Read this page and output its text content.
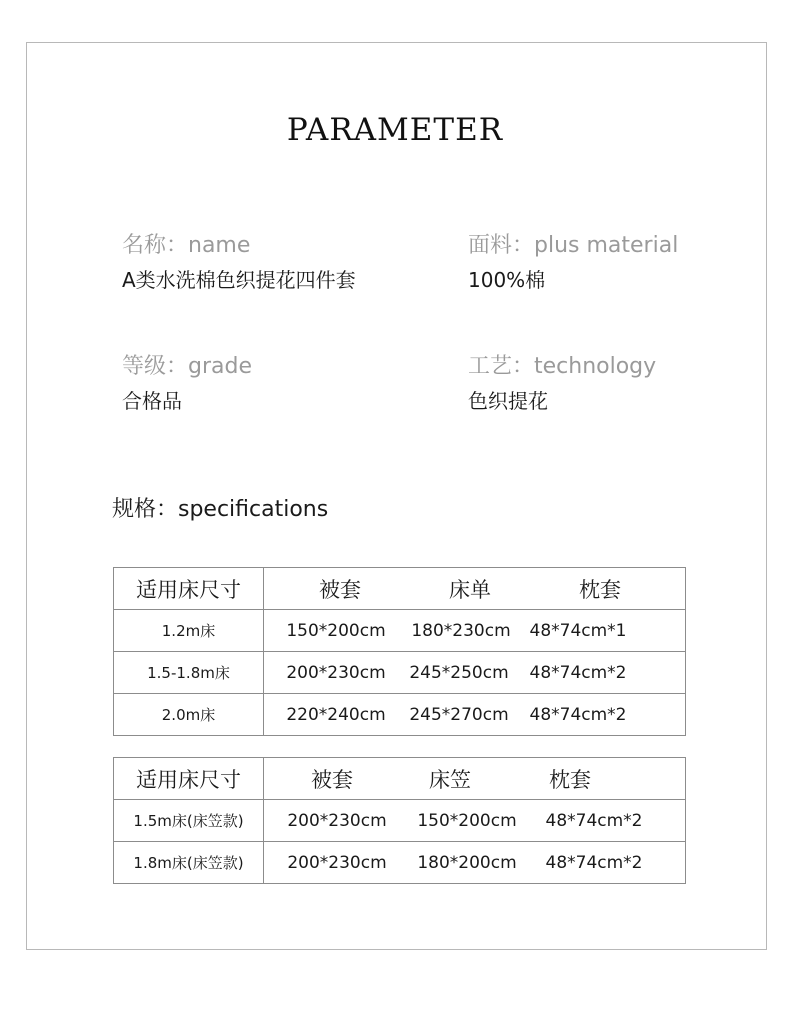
PARAMETER
名称：name
A类水洗棉色织提花四件套
面料：plus material
100%棉
等级：grade
合格品
工艺：technology
色织提花
规格：specifications
适用床尺寸	被套 床单 枕套

1.2m床	150*200cm 180*230cm 48*74cm*1

1.5-1.8m床	200*230cm 245*250cm 48*74cm*2

2.0m床	220*240cm 245*270cm 48*74cm*2
适用床尺寸	被套 床笠 枕套

1.5m床(床笠款)	200*230cm 150*200cm 48*74cm*2

1.8m床(床笠款)	200*230cm 180*200cm 48*74cm*2
